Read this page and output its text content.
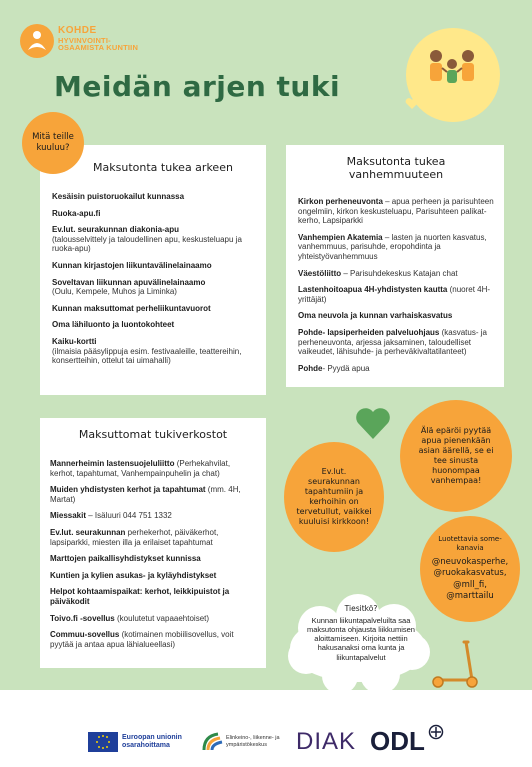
KOHDE
HYVINVOINTI-
OSAAMISTA KUNTIIN
Meidän arjen tuki
Maksutonta tukea arkeen
Kesäisin puistoruokailut kunnassa
Ruoka-apu.fi
Ev.lut. seurakunnan diakonia-apu
(talousselvittely ja taloudellinen apu, keskusteluapu ja ruoka-apu)
Kunnan kirjastojen liikuntavälinelainaamo
Soveltavan liikunnan apuvälinelainaamo
(Oulu, Kempele, Muhos ja Liminka)
Kunnan maksuttomat perheliikuntavuorot
Oma lähiluonto ja luontokohteet
Kaiku-kortti
(ilmaisia pääsylippuja esim. festivaaleille, teattereihin, konsertteihin, ottelut tai uimahalli)
Mitä teille kuuluu?
Maksutonta tukea vanhemmuuteen
Kirkon perheneuvonta – apua perheen ja parisuhteen ongelmiin, kirkon keskusteluapu, Parisuhteen palikat-kerho, Lapsiparkki
Vanhempien Akatemia – lasten ja nuorten kasvatus, vanhemmuus, parisuhde, eropohdinta ja yhteistyövanhemmuus
Väestöliitto – Parisuhdekeskus Katajan chat
Lastenhoitoapua 4H-yhdistysten kautta (nuoret 4H-yrittäjät)
Oma neuvola ja kunnan varhaiskasvatus
Pohde- lapsiperheiden palveluohjaus (kasvatus- ja perheneuvonta, arjessa jaksaminen, taloudelliset vaikeudet, lähisuhde- ja perheväkivaltatilanteet)
Pohde- Pyydä apua
Maksuttomat tukiverkostot
Mannerheimin lastensuojeluliitto (Perhekahvilat, kerhot, tapahtumat, Vanhempainpuhelin ja chat)
Muiden yhdistysten kerhot ja tapahtumat (mm. 4H, Martat)
Miessakit – Isäluuri 044 751 1332
Ev.lut. seurakunnan perhekerhot, päiväkerhot, lapsiparkki, miesten illa ja erilaiset tapahtumat
Marttojen paikallisyhdistykset kunnissa
Kuntien ja kylien asukas- ja kyläyhdistykset
Helpot kohtaamispaikat: kerhot, leikkipuistot ja päiväkodit
Toivo.fi -sovellus (koulutetut vapaaehtoiset)
Commuu-sovellus (kotimainen mobiilisovellus, voit pyytää ja antaa apua lähialueellasi)
Ev.lut. seurakunnan tapahtumiin ja kerhoihin on tervetullut, vaikkei kuuluisi kirkkoon!
Älä epäröi pyytää apua pienenkään asian äärellä, se ei tee sinusta huonompaa vanhempaa!
Luotettavia some-kanavia
@neuvokasperhe,
@ruokakasvatus,
@mll_fi,
@marttailu
Tiesitkö?
Kunnan liikuntapalveluilta saa maksutonta ohjausta liikkumisen aloittamiseen. Kirjoita nettiin hakusanaksi oma kunta ja liikuntapalvelut
Euroopan unionin
osarahoittama
Elinkeino-, liikenne- ja
ympäristökeskus	DIAK ODL
